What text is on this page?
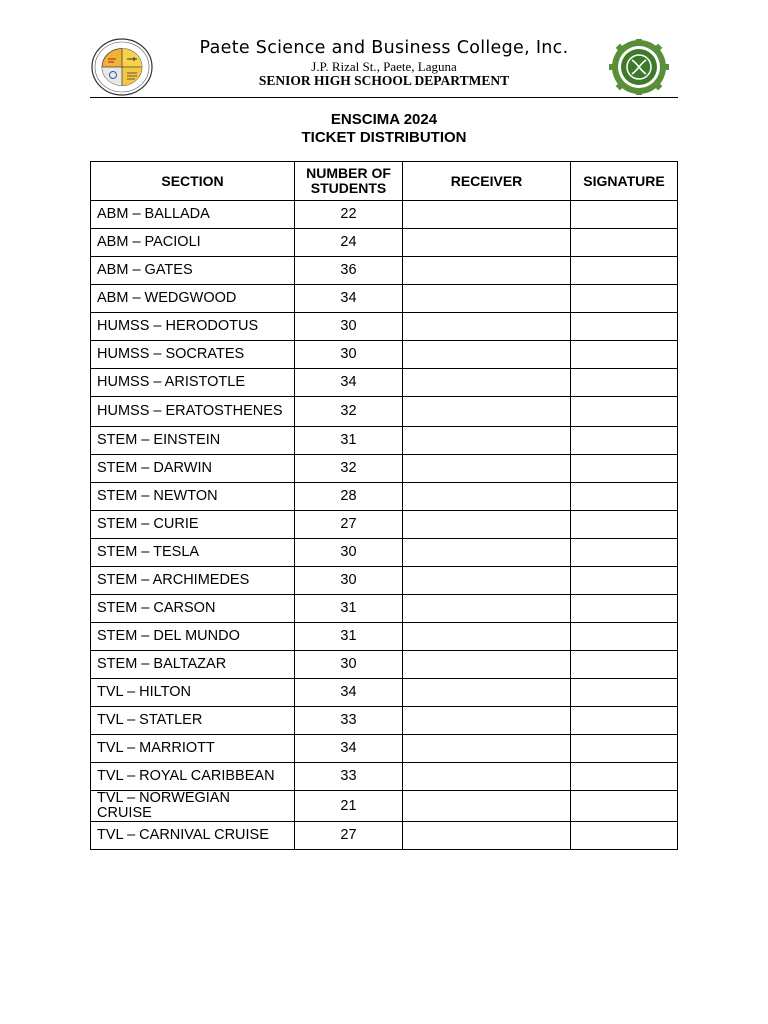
Paete Science and Business College, Inc.
J.P. Rizal St., Paete, Laguna
SENIOR HIGH SCHOOL DEPARTMENT
ENSCIMA 2024
TICKET DISTRIBUTION
SECTION	NUMBER OF STUDENTS	RECEIVER	SIGNATURE
ABM – BALLADA	22		
ABM – PACIOLI	24		
ABM – GATES	36		
ABM – WEDGWOOD	34		
HUMSS – HERODOTUS	30		
HUMSS – SOCRATES	30		
HUMSS – ARISTOTLE	34		
HUMSS – ERATOSTHENES	32		
STEM – EINSTEIN	31		
STEM – DARWIN	32		
STEM – NEWTON	28		
STEM – CURIE	27		
STEM – TESLA	30		
STEM – ARCHIMEDES	30		
STEM – CARSON	31		
STEM – DEL MUNDO	31		
STEM – BALTAZAR	30		
TVL – HILTON	34		
TVL – STATLER	33		
TVL – MARRIOTT	34		
TVL – ROYAL CARIBBEAN	33		
TVL – NORWEGIAN CRUISE	21		
TVL – CARNIVAL CRUISE	27		
